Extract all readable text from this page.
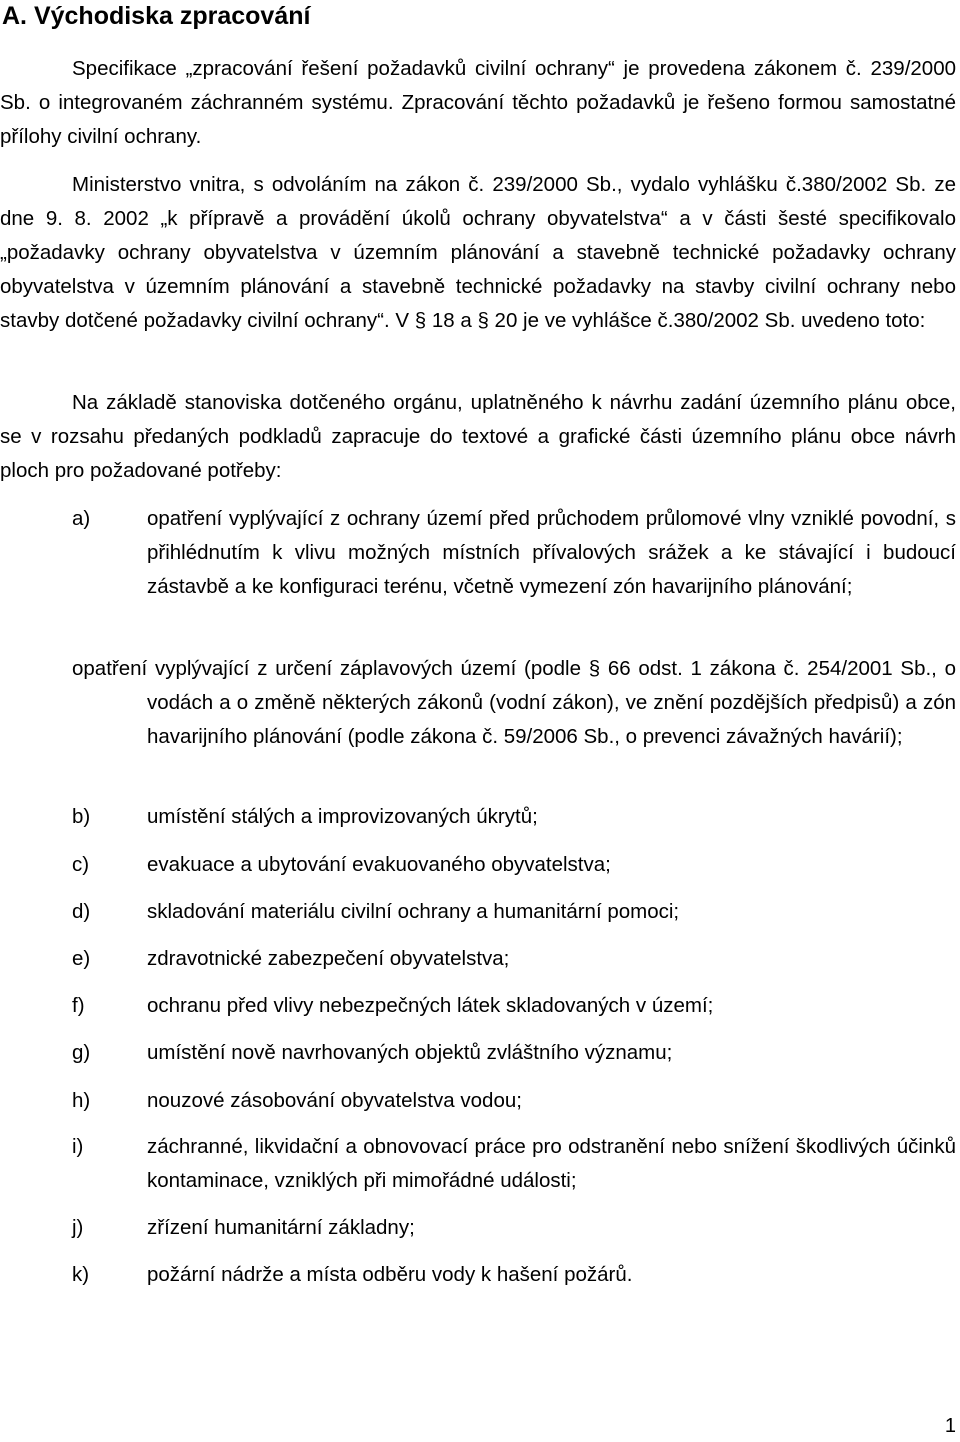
A. Východiska zpracování

Specifikace „zpracování řešení požadavků civilní ochrany“ je provedena zákonem č. 239/2000 Sb. o integrovaném záchranném systému. Zpracování těchto požadavků je řešeno formou samostatné přílohy civilní ochrany.

Ministerstvo vnitra, s odvoláním na zákon č. 239/2000 Sb., vydalo vyhlášku č.380/2002 Sb. ze dne 9. 8. 2002 „k přípravě a provádění úkolů ochrany obyvatelstva“ a v části šesté specifikovalo „požadavky ochrany obyvatelstva v územním plánování a stavebně technické požadavky ochrany obyvatelstva v územním plánování a stavebně technické požadavky na stavby civilní ochrany nebo stavby dotčené požadavky civilní ochrany“. V § 18 a § 20 je ve vyhlášce č.380/2002 Sb. uvedeno toto:

Na základě stanoviska dotčeného orgánu, uplatněného k návrhu zadání územního plánu obce, se v rozsahu předaných podkladů zapracuje do textové a grafické části územního plánu obce návrh ploch pro požadované potřeby:

a)	opatření vyplývající z ochrany území před průchodem průlomové vlny vzniklé povodní, s přihlédnutím k vlivu možných místních přívalových srážek a ke stávající i budoucí zástavbě a ke konfiguraci terénu, včetně vymezení zón havarijního plánování;
opatření vyplývající z určení záplavových území (podle § 66 odst. 1 zákona č. 254/2001 Sb., o vodách a o změně některých zákonů (vodní zákon), ve znění pozdějších předpisů) a zón havarijního plánování (podle zákona č. 59/2006 Sb., o prevenci závažných havárií);
b)	umístění stálých a improvizovaných úkrytů;
c)	evakuace a ubytování evakuovaného obyvatelstva;
d)	skladování materiálu civilní ochrany a humanitární pomoci;
e)	zdravotnické zabezpečení obyvatelstva;
f)	ochranu před vlivy nebezpečných látek skladovaných v území;
g)	umístění nově navrhovaných objektů zvláštního významu;
h)	nouzové zásobování obyvatelstva vodou;
i)	záchranné, likvidační a obnovovací práce pro odstranění nebo snížení škodlivých účinků kontaminace, vzniklých při mimořádné události;
j)	zřízení humanitární základny;
k)	požární nádrže a místa odběru vody k hašení požárů.
1
